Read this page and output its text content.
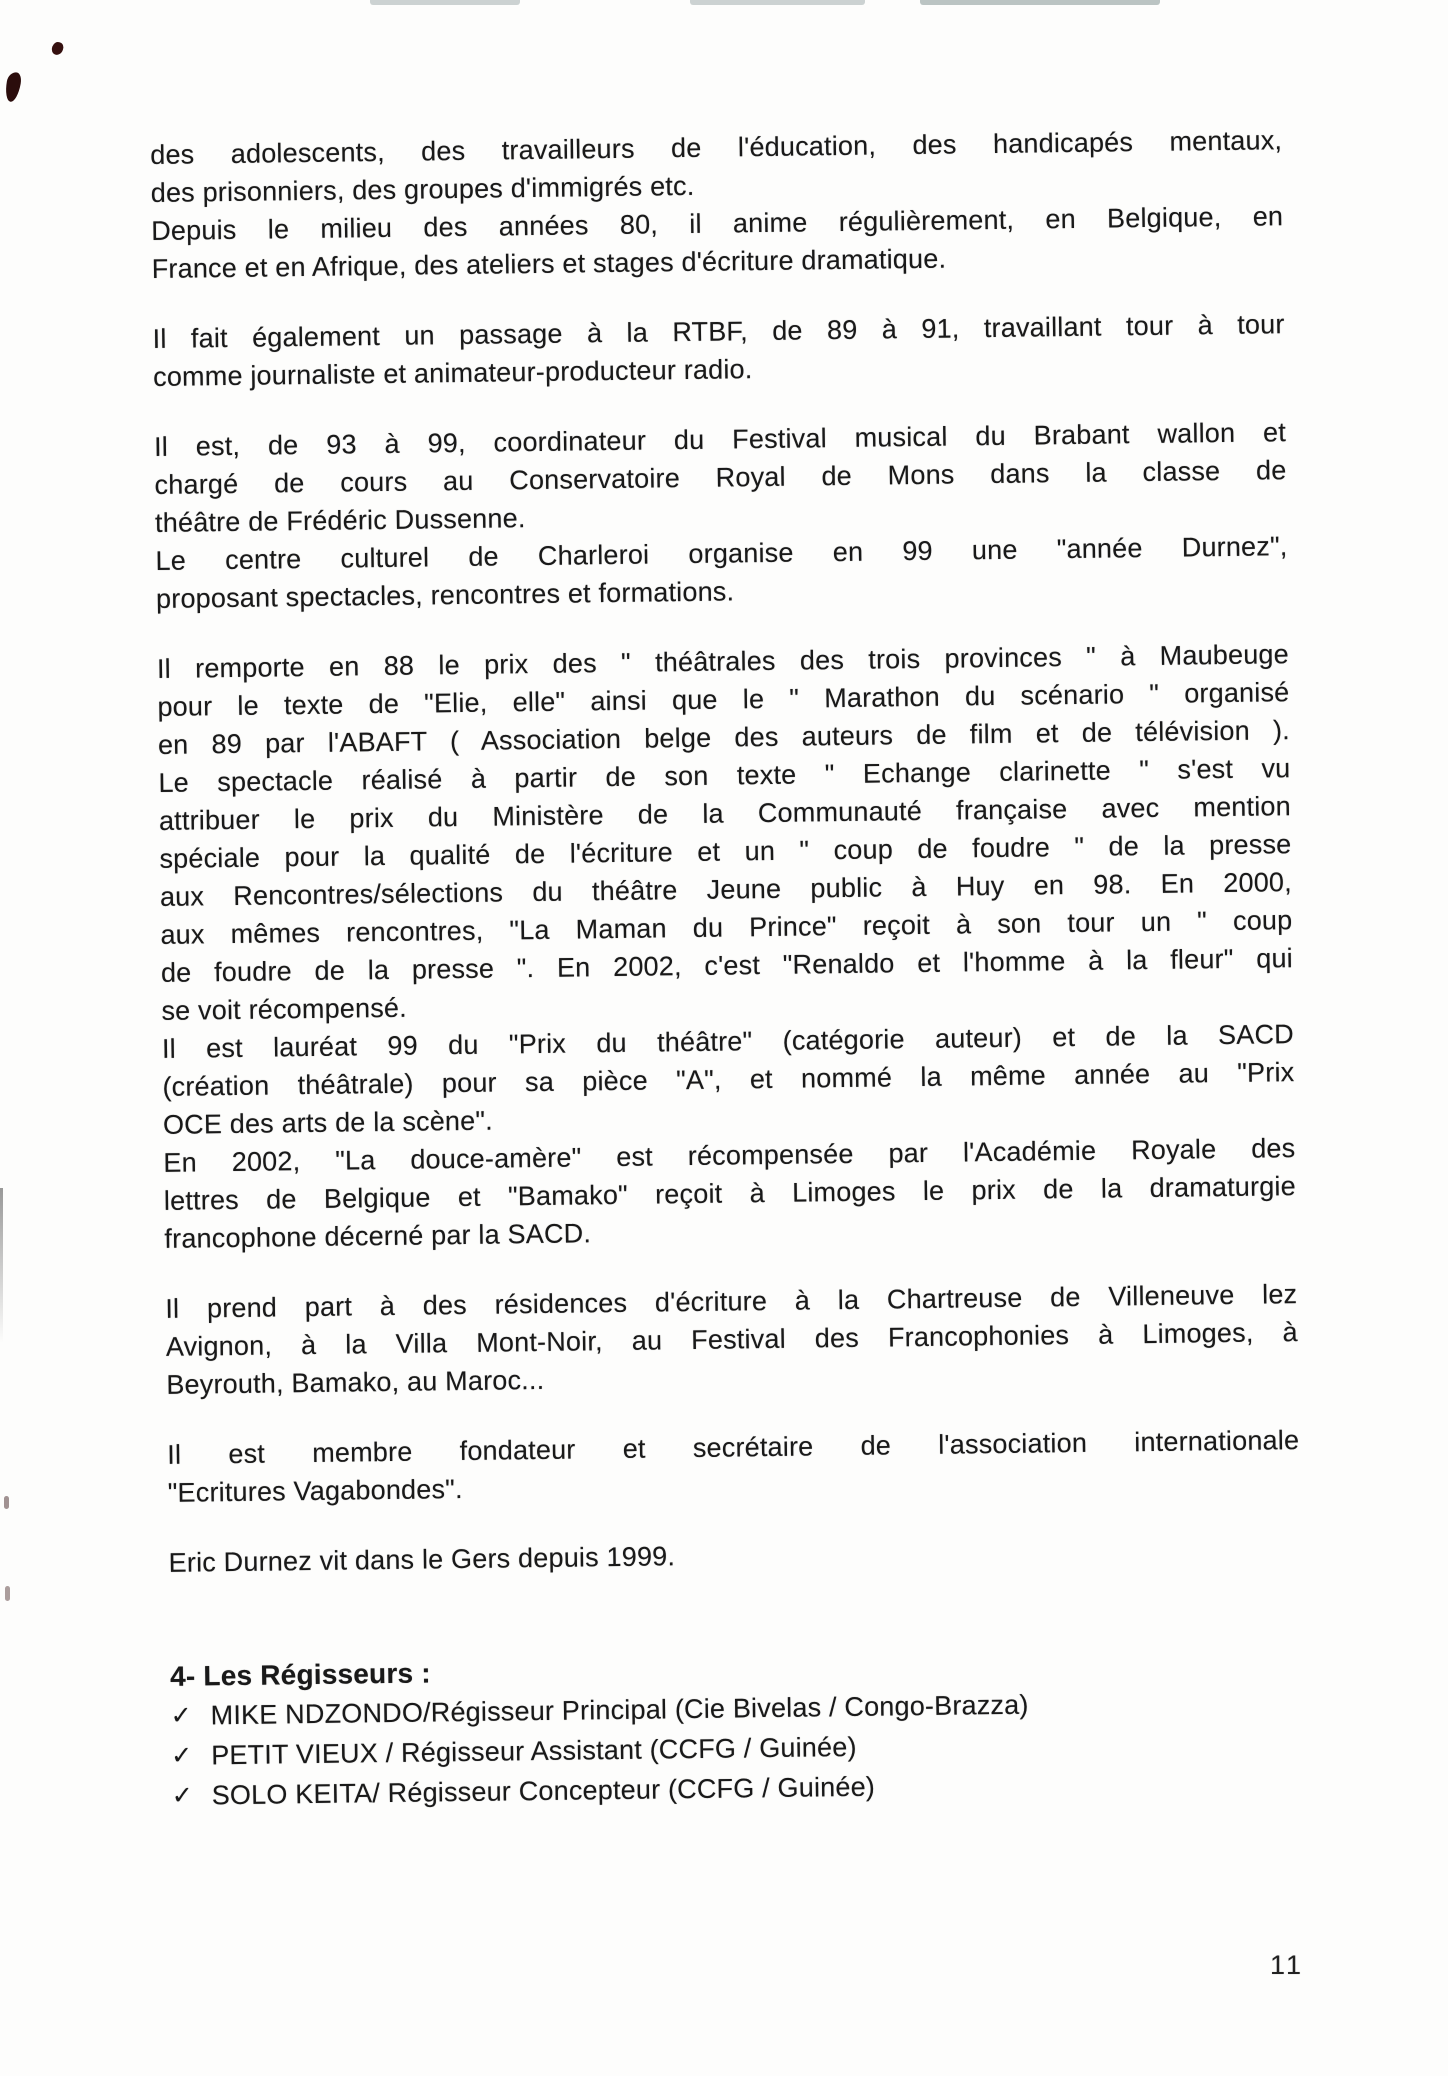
des adolescents, des travailleurs de l'éducation, des handicapés mentaux,
des prisonniers, des groupes d'immigrés etc.
Depuis le milieu des années 80, il anime régulièrement, en Belgique, en
France et en Afrique, des ateliers et stages d'écriture dramatique.
Il fait également un passage à la RTBF, de 89 à 91, travaillant tour à tour
comme journaliste et animateur-producteur radio.
Il est, de 93 à 99, coordinateur du Festival musical du Brabant wallon et
chargé de cours au Conservatoire Royal de Mons dans la classe de
théâtre de Frédéric Dussenne.
Le centre culturel de Charleroi organise en 99 une "année Durnez",
proposant spectacles, rencontres et formations.
Il remporte en 88 le prix des " théâtrales des trois provinces " à Maubeuge
pour le texte de "Elie, elle" ainsi que le " Marathon du scénario " organisé
en 89 par l'ABAFT ( Association belge des auteurs de film et de télévision ).
Le spectacle réalisé à partir de son texte " Echange clarinette " s'est vu
attribuer le prix du Ministère de la Communauté française avec mention
spéciale pour la qualité de l'écriture et un " coup de foudre " de la presse
aux Rencontres/sélections du théâtre Jeune public à Huy en 98. En 2000,
aux mêmes rencontres, "La Maman du Prince" reçoit à son tour un " coup
de foudre de la presse ". En 2002, c'est "Renaldo et l'homme à la fleur" qui
se voit récompensé.
Il est lauréat 99 du "Prix du théâtre" (catégorie auteur) et de la SACD
(création théâtrale) pour sa pièce "A", et nommé la même année au "Prix
OCE des arts de la scène".
En 2002, "La douce-amère" est récompensée par l'Académie Royale des
lettres de Belgique et "Bamako" reçoit à Limoges le prix de la dramaturgie
francophone décerné par la SACD.
Il prend part à des résidences d'écriture à la Chartreuse de Villeneuve lez
Avignon, à la Villa Mont-Noir, au Festival des Francophonies à Limoges, à
Beyrouth, Bamako, au Maroc...
Il est membre fondateur et secrétaire de l'association internationale
"Ecritures Vagabondes".
Eric Durnez vit dans le Gers depuis 1999.
4- Les Régisseurs :
✓ MIKE NDZONDO/Régisseur Principal (Cie Bivelas / Congo-Brazza)
✓ PETIT VIEUX / Régisseur Assistant (CCFG / Guinée)
✓ SOLO KEITA/ Régisseur Concepteur (CCFG / Guinée)
11
